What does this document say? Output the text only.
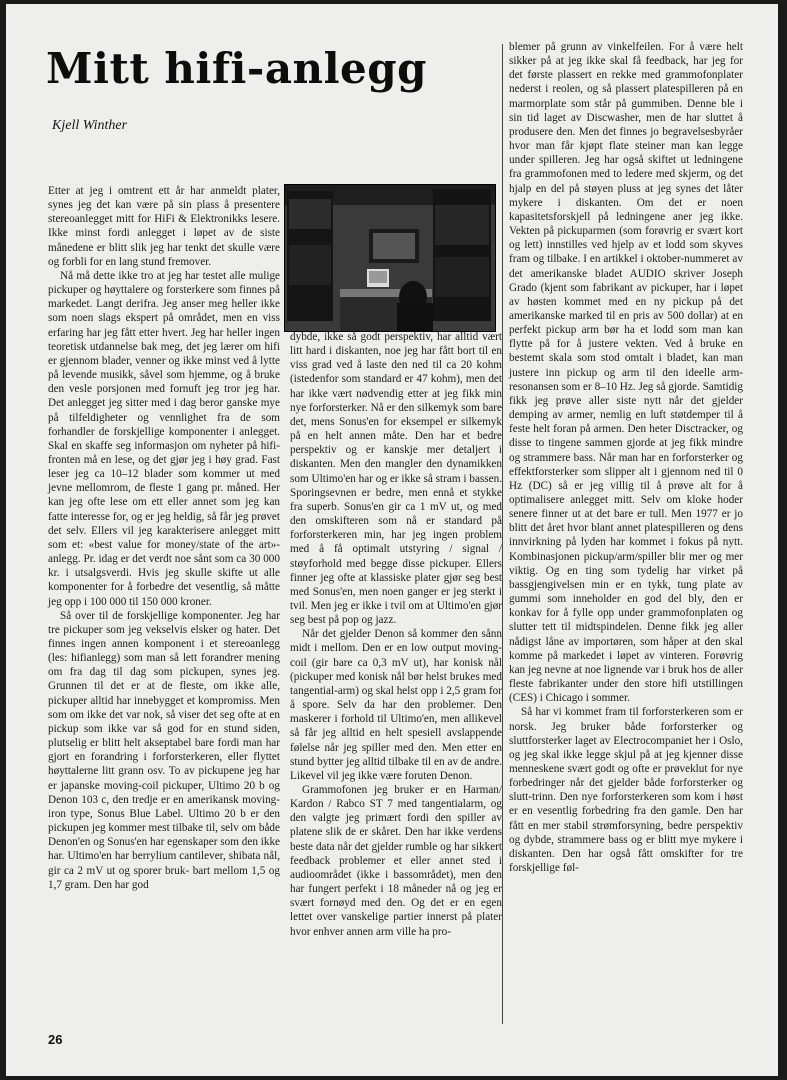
Mitt hifi-anlegg
Kjell Winther

Etter at jeg i omtrent ett år har anmeldt plater, synes jeg det kan være på sin plass å presentere stereoanlegget mitt for HiFi & Elektronikks lesere. Ikke minst fordi anlegget i løpet av de siste månedene er blitt slik jeg har tenkt det skulle være og forbli for en lang stund fremover.

Nå må dette ikke tro at jeg har testet alle mulige pickuper og høyttalere og forsterkere som finnes på markedet. Langt derifra. Jeg anser meg heller ikke som noen slags ekspert på området, men en viss erfaring har jeg fått etter hvert. Jeg har heller ingen teoretisk utdannelse bak meg, det jeg lærer om hifi er gjennom blader, venner og ikke minst ved å lytte på levende musikk, såvel som hjemme, og å bruke den vesle porsjonen med fornuft jeg tror jeg har. Det anlegget jeg sitter med i dag beror ganske mye på tilfeldigheter og vennlighet fra de som forhandler de forskjellige komponenter i anlegget. Skal en skaffe seg informasjon om nyheter på hifi-fronten må en lese, og det gjør jeg i høy grad. Fast leser jeg ca 10–12 blader som kommer ut med jevne mellomrom, de fleste 1 gang pr. måned. Her kan jeg ofte lese om ett eller annet som jeg kan fatte interesse for, og er jeg heldig, så får jeg prøvet det selv. Ellers vil jeg karakterisere anlegget mitt som et: «best value for money/state of the art»-anlegg. Pr. idag er det verdt noe sånt som ca 30 000 kr. i utsalgsverdi. Hvis jeg skulle skifte ut alle komponenter for å forbedre det vesentlig, så måtte jeg opp i 100 000 til 150 000 kroner.

Så over til de forskjellige komponenter. Jeg har tre pickuper som jeg vekselvis elsker og hater. Det finnes ingen annen komponent i et stereoanlegg (les: hifianlegg) som man så lett forandrer mening om fra dag til dag som pickupen, synes jeg. Grunnen til det er at de fleste, om ikke alle, pickuper alltid har innebygget et kompromiss. Men som om ikke det var nok, så viser det seg ofte at en pickup som ikke var så god for en stund siden, plutselig er blitt helt akseptabel bare fordi man har gjort en forandring i forforsterkeren, eller flyttet høyttalerne litt grann osv. To av pickupene jeg har er japanske moving-coil pickuper, Ultimo 20 b og Denon 103 c, den tredje er en amerikansk moving-iron type, Sonus Blue Label. Ultimo 20 b er den pickupen jeg kommer mest tilbake til, selv om både Denon'en og Sonus'en har egenskaper som den ikke har. Ultimo'en har berrylium cantilever, shibata nål, gir ca 2 mV ut og sporer bruk- bart mellom 1,5 og 1,7 gram. Den har god

dybde, ikke så godt perspektiv, har alltid vært litt hard i diskanten, noe jeg har fått bort til en viss grad ved å laste den ned til ca 20 kohm (istedenfor som standard er 47 kohm), men det har ikke vært nødvendig etter at jeg fikk min nye forforsterker. Nå er den silkemyk som bare det, mens Sonus'en for eksempel er silkemyk på en helt annen måte. Den har et bedre perspektiv og er kanskje mer detaljert i diskanten. Men den mangler den dynamikken som Ultimo'en har og er ikke så stram i bassen. Sporingsevnen er bedre, men ennå et stykke fra superb. Sonus'en gir ca 1 mV ut, og med den omskifteren som nå er standard på forforsterkeren min, har jeg ingen problem med å få optimalt utstyring / signal / støyforhold med begge disse pickuper. Ellers finner jeg ofte at klassiske plater gjør seg best med Sonus'en, men noen ganger er jeg sterkt i tvil. Men jeg er ikke i tvil om at Ultimo'en gjør seg best på pop og jazz.

Når det gjelder Denon så kommer den sånn midt i mellom. Den er en low output moving-coil (gir bare ca 0,3 mV ut), har konisk nål (pickuper med konisk nål bør helst brukes med tangential-arm) og skal helst opp i 2,5 gram for å spore. Selv da har den problemer. Den maskerer i forhold til Ultimo'en, men allikevel så får jeg alltid en helt spesiell avslappende følelse når jeg spiller med den. Men etter en stund bytter jeg alltid tilbake til en av de andre. Likevel vil jeg ikke være foruten Denon.

Grammofonen jeg bruker er en Harman/ Kardon / Rabco ST 7 med tangentialarm, og den valgte jeg primært fordi den spiller av platene slik de er skåret. Den har ikke verdens beste data når det gjelder rumble og har sikkert feedback problemer et eller annet sted i audioområdet (ikke i bassområdet), men den har fungert perfekt i 18 måneder nå og jeg er svært fornøyd med den. Og det er en egen lettet over vanskelige partier innerst på plater hvor enhver annen arm ville ha pro-

blemer på grunn av vinkelfeilen. For å være helt sikker på at jeg ikke skal få feedback, har jeg for det første plassert en rekke med grammofonplater nederst i reolen, og så plassert platespilleren på en marmorplate som står på gummiben. Denne ble i sin tid laget av Discwasher, men de har sluttet å produsere den. Men det finnes jo begravelsesbyråer hvor man får kjøpt flate steiner man kan legge under spilleren. Jeg har også skiftet ut ledningene fra grammofonen med to ledere med skjerm, og det hjalp en del på støyen pluss at jeg synes det låter mykere i diskanten. Om det er noen kapasitetsforskjell på ledningene aner jeg ikke. Vekten på pickuparmen (som forøvrig er svært kort og lett) innstilles ved hjelp av et lodd som skyves fram og tilbake. I en artikkel i oktober-nummeret av det amerikanske bladet AUDIO skriver Joseph Grado (kjent som fabrikant av pickuper, har i løpet av høsten kommet med en ny pickup på det amerikanske marked til en pris av 500 dollar) at en perfekt pickup arm bør ha et lodd som man kan flytte på for å justere vekten. Ved å bruke en bestemt skala som stod omtalt i bladet, kan man justere inn pickup og arm til den ideelle arm-resonansen som er 8–10 Hz. Jeg så gjorde. Samtidig fikk jeg prøve aller siste nytt når det gjelder demping av armer, nemlig en luft støtdemper til å feste helt foran på armen. Den heter Disctracker, og disse to tingene sammen gjorde at jeg fikk mindre og strammere bass. Når man har en forforsterker og effektforsterker som slipper alt i gjennom ned til 0 Hz (DC) så er jeg villig til å prøve alt for å optimalisere anlegget mitt. Selv om kloke hoder senere finner ut at det bare er tull. Men 1977 er jo blitt det året hvor blant annet platespilleren og dens innvirkning på lyden har kommet i fokus på nytt. Kombinasjonen pickup/arm/spiller blir mer og mer viktig. Og en ting som tydelig har virket på bassgjengivelsen min er en tykk, tung plate av gummi som inneholder en god del bly, den er konkav for å fylle opp under grammofonplaten og slutter tett til midtspindelen. Denne fikk jeg aller nådigst låne av importøren, som håper at den skal komme på markedet i løpet av vinteren. Forøvrig kan jeg nevne at noe lignende var i bruk hos de aller fleste fabrikanter under den store hifi utstillingen (CES) i Chicago i sommer.

Så har vi kommet fram til forforsterkeren som er norsk. Jeg bruker både forforsterker og sluttforsterker laget av Electrocompaniet her i Oslo, og jeg skal ikke legge skjul på at jeg kjenner disse menneskene svært godt og ofte er prøveklut for nye forbedringer når det gjelder både forforsterker og slutt-trinn. Den nye forforsterkeren som kom i høst er en vesentlig forbedring fra den gamle. Den har fått en mer stabil strømforsyning, bedre perspektiv og dybde, strammere bass og er blitt mye mykere i diskanten. Den har også fått omskifter for tre forskjellige føl-

26
